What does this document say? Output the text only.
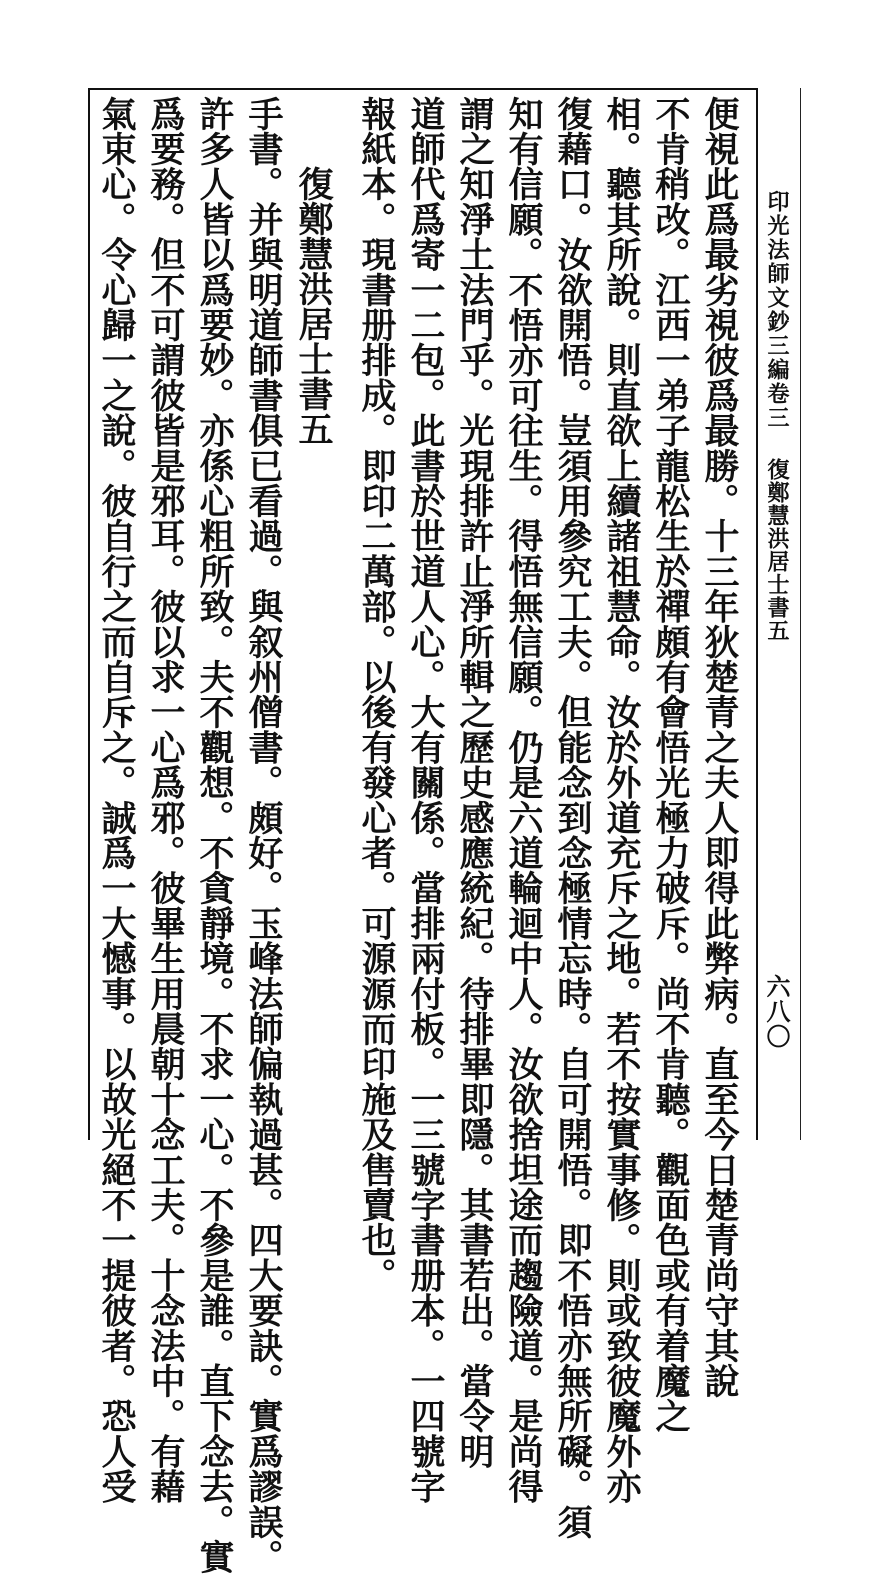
印光法師文鈔三編卷三
復鄭慧洪居士書五
六八〇
便視此爲最劣視彼爲最勝。十三年狄楚青之夫人即得此弊病。直至今日楚青尚守其說
不肯稍改。江西一弟子龍松生於禪頗有會悟光極力破斥。尚不肯聽。觀面色或有着魔之
相。聽其所說。則直欲上續諸祖慧命。汝於外道充斥之地。若不按實事修。則或致彼魔外亦
復藉口。汝欲開悟。豈須用參究工夫。但能念到念極情忘時。自可開悟。即不悟亦無所礙。須
知有信願。不悟亦可往生。得悟無信願。仍是六道輪迴中人。汝欲捨坦途而趨險道。是尚得
謂之知淨土法門乎。光現排許止淨所輯之歷史感應統紀。待排畢即隱。其書若出。當令明
道師代爲寄一二包。此書於世道人心。大有關係。當排兩付板。一三號字書册本。一四號字
報紙本。現書册排成。即印二萬部。以後有發心者。可源源而印施及售賣也。
　　復鄭慧洪居士書五
手書。并與明道師書俱已看過。與叙州僧書。頗好。玉峰法師偏執過甚。四大要訣。實爲謬誤。
許多人皆以爲要妙。亦係心粗所致。夫不觀想。不貪靜境。不求一心。不參是誰。直下念去。實
爲要務。但不可謂彼皆是邪耳。彼以求一心爲邪。彼畢生用晨朝十念工夫。十念法中。有藉
氣束心。令心歸一之說。彼自行之而自斥之。誠爲一大憾事。以故光絕不一提彼者。恐人受
